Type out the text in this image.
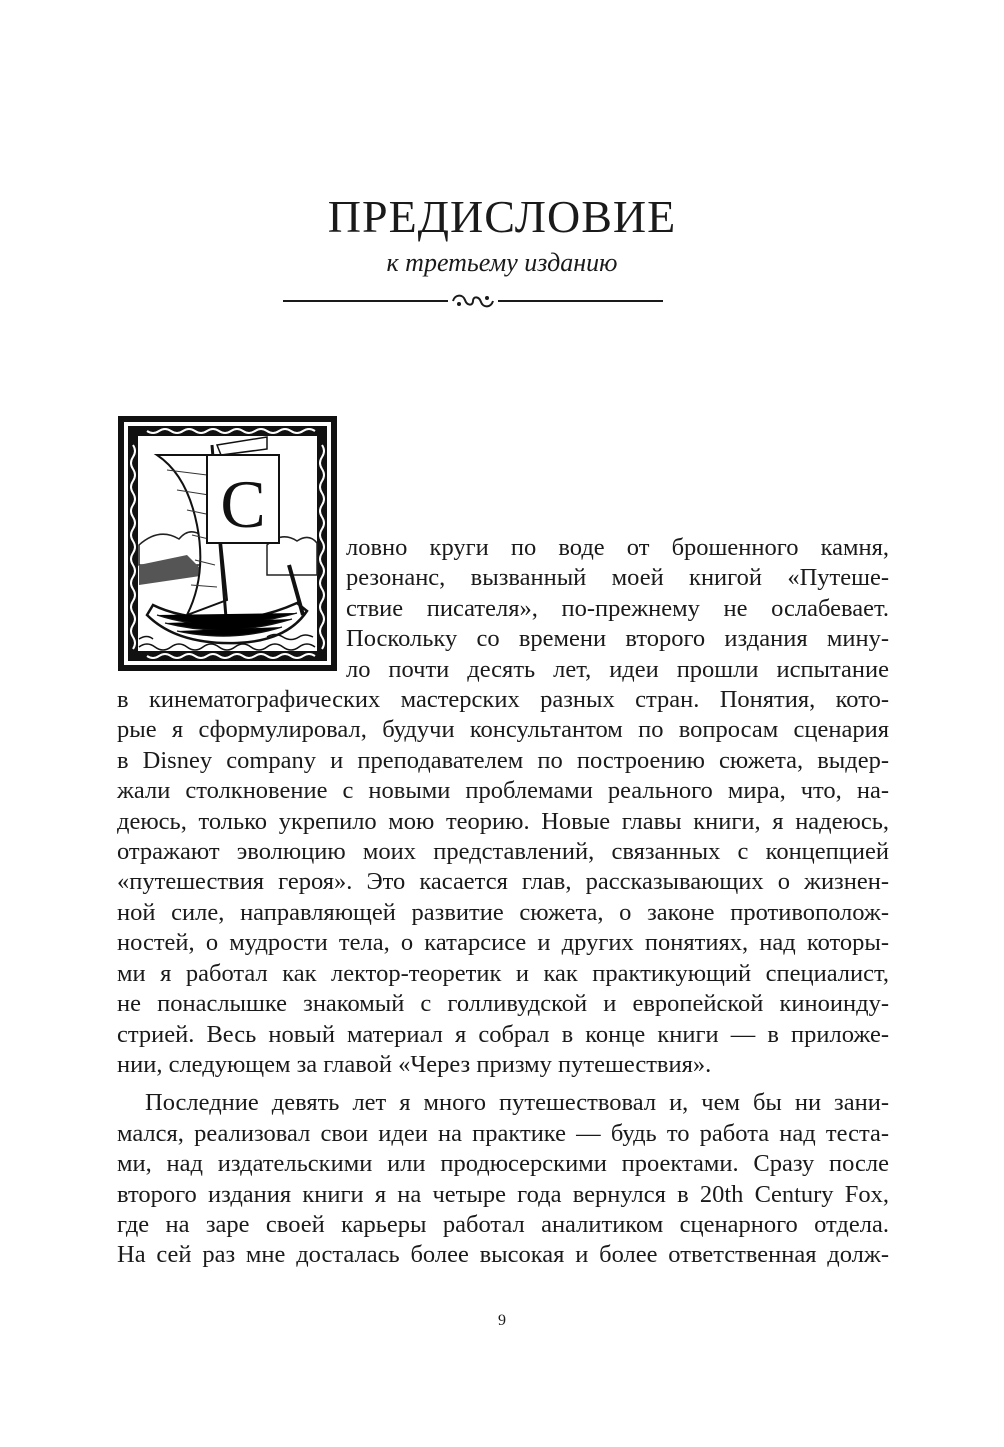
ПРЕДИСЛОВИЕ
к третьему изданию
С
ловно круги по воде от брошенного камня,
резонанс, вызванный моей книгой «Путеше-
ствие писателя», по-прежнему не ослабевает.
Поскольку со времени второго издания мину-
ло почти десять лет, идеи прошли испытание
в кинематографических мастерских разных стран. Понятия, кото-
рые я сформулировал, будучи консультантом по вопросам сценария
в Disney company и преподавателем по построению сюжета, выдер-
жали столкновение с новыми проблемами реального мира, что, на-
деюсь, только укрепило мою теорию. Новые главы книги, я надеюсь,
отражают эволюцию моих представлений, связанных с концепцией
«путешествия героя». Это касается глав, рассказывающих о жизнен-
ной силе, направляющей развитие сюжета, о законе противополож-
ностей, о мудрости тела, о катарсисе и других понятиях, над которы-
ми я работал как лектор-теоретик и как практикующий специалист,
не понаслышке знакомый с голливудской и европейской киноинду-
стрией. Весь новый материал я собрал в конце книги — в приложе-
нии, следующем за главой «Через призму путешествия».
Последние девять лет я много путешествовал и, чем бы ни зани-
мался, реализовал свои идеи на практике — будь то работа над теста-
ми, над издательскими или продюсерскими проектами. Сразу после
второго издания книги я на четыре года вернулся в 20th Century Fox,
где на заре своей карьеры работал аналитиком сценарного отдела.
На сей раз мне досталась более высокая и более ответственная долж-
9
